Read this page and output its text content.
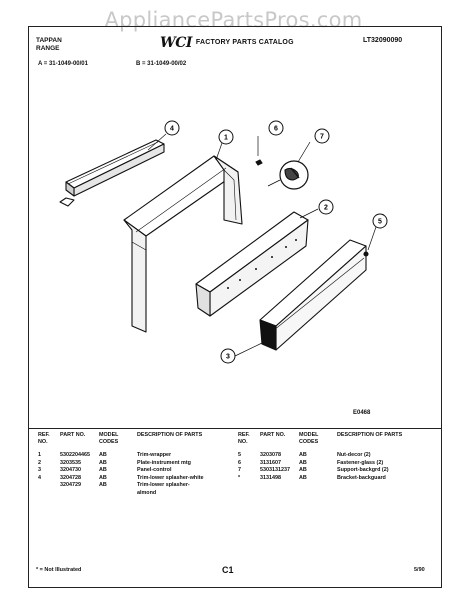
AppliancePartsPros.com
TAPPAN
RANGE	WCI FACTORY PARTS CATALOG	LT32090090
A = 31-1049-00/01	B = 31-1049-00/02
4
1
6
7
2
5
3
E0468
REF. NO.	PART NO.	MODEL CODES	DESCRIPTION OF PARTS
1	5302204465	AB	Trim-wrapper
2	3203535	AB	Plate-instrument mtg
3	3204730	AB	Panel-control
4	3204728	AB	Trim-lower splasher-white
	3204729	AB	Trim-lower splasher-almond
REF. NO.	PART NO.	MODEL CODES	DESCRIPTION OF PARTS
5	3203078	AB	Nut-decor (2)
6	3131607	AB	Fastener-glass (2)
7	5303131237	AB	Support-backgrd (2)
*	3131498	AB	Bracket-backguard
* = Not Illustrated	C1	5/90
